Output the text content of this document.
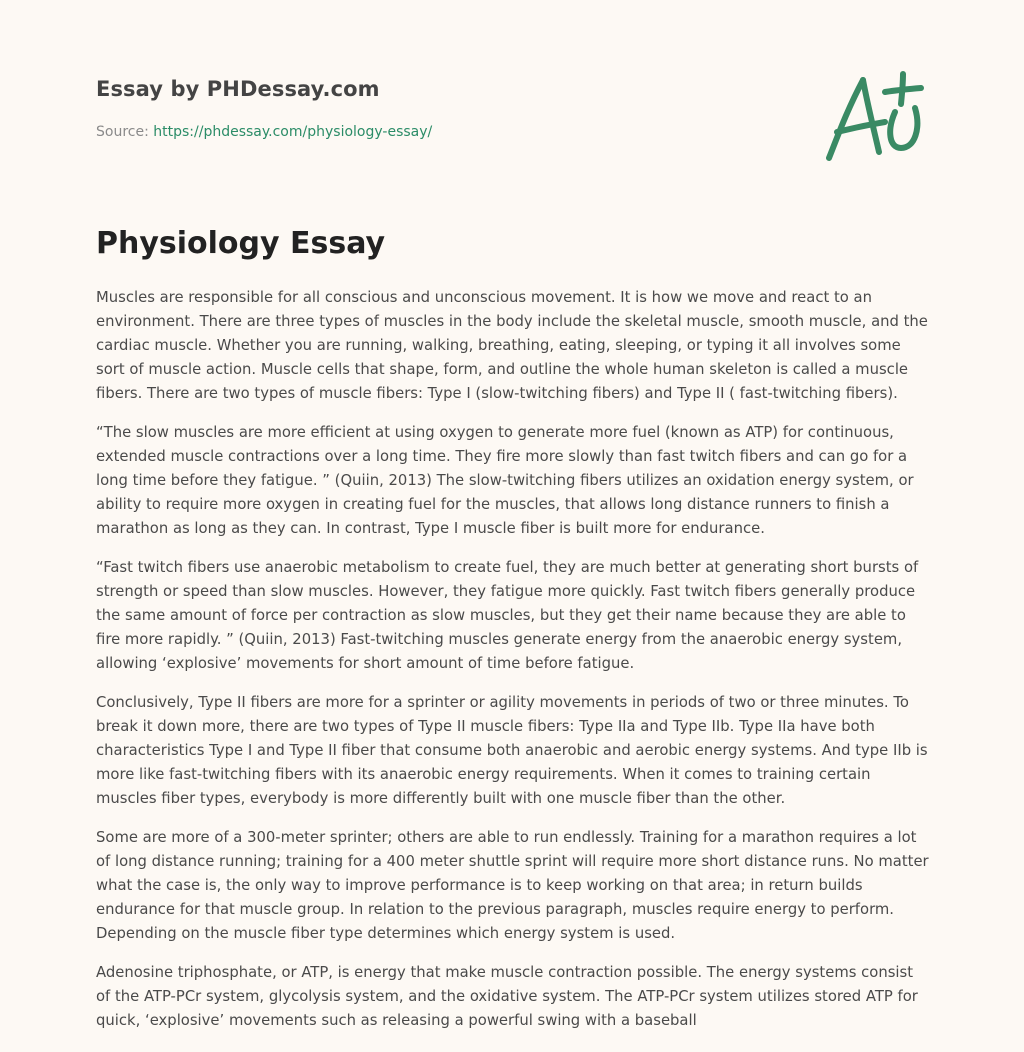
Essay by PHDessay.com
Source: https://phdessay.com/physiology-essay/
Physiology Essay

Muscles are responsible for all conscious and unconscious movement. It is how we move and react to an environment. There are three types of muscles in the body include the skeletal muscle, smooth muscle, and the cardiac muscle. Whether you are running, walking, breathing, eating, sleeping, or typing it all involves some sort of muscle action. Muscle cells that shape, form, and outline the whole human skeleton is called a muscle fibers. There are two types of muscle fibers: Type I (slow-twitching fibers) and Type II ( fast-twitching fibers).

“The slow muscles are more efficient at using oxygen to generate more fuel (known as ATP) for continuous, extended muscle contractions over a long time. They fire more slowly than fast twitch fibers and can go for a long time before they fatigue. ” (Quiin, 2013) The slow-twitching fibers utilizes an oxidation energy system, or ability to require more oxygen in creating fuel for the muscles, that allows long distance runners to finish a marathon as long as they can. In contrast, Type I muscle fiber is built more for endurance.

“Fast twitch fibers use anaerobic metabolism to create fuel, they are much better at generating short bursts of strength or speed than slow muscles. However, they fatigue more quickly. Fast twitch fibers generally produce the same amount of force per contraction as slow muscles, but they get their name because they are able to fire more rapidly. ” (Quiin, 2013) Fast-twitching muscles generate energy from the anaerobic energy system, allowing ‘explosive’ movements for short amount of time before fatigue.

Conclusively, Type II fibers are more for a sprinter or agility movements in periods of two or three minutes. To break it down more, there are two types of Type II muscle fibers: Type IIa and Type IIb. Type IIa have both characteristics Type I and Type II fiber that consume both anaerobic and aerobic energy systems. And type IIb is more like fast-twitching fibers with its anaerobic energy requirements. When it comes to training certain muscles fiber types, everybody is more differently built with one muscle fiber than the other.

Some are more of a 300-meter sprinter; others are able to run endlessly. Training for a marathon requires a lot of long distance running; training for a 400 meter shuttle sprint will require more short distance runs. No matter what the case is, the only way to improve performance is to keep working on that area; in return builds endurance for that muscle group. In relation to the previous paragraph, muscles require energy to perform. Depending on the muscle fiber type determines which energy system is used.

Adenosine triphosphate, or ATP, is energy that make muscle contraction possible. The energy systems consist of the ATP-PCr system, glycolysis system, and the oxidative system. The ATP-PCr system utilizes stored ATP for quick, ‘explosive’ movements such as releasing a powerful swing with a baseball
